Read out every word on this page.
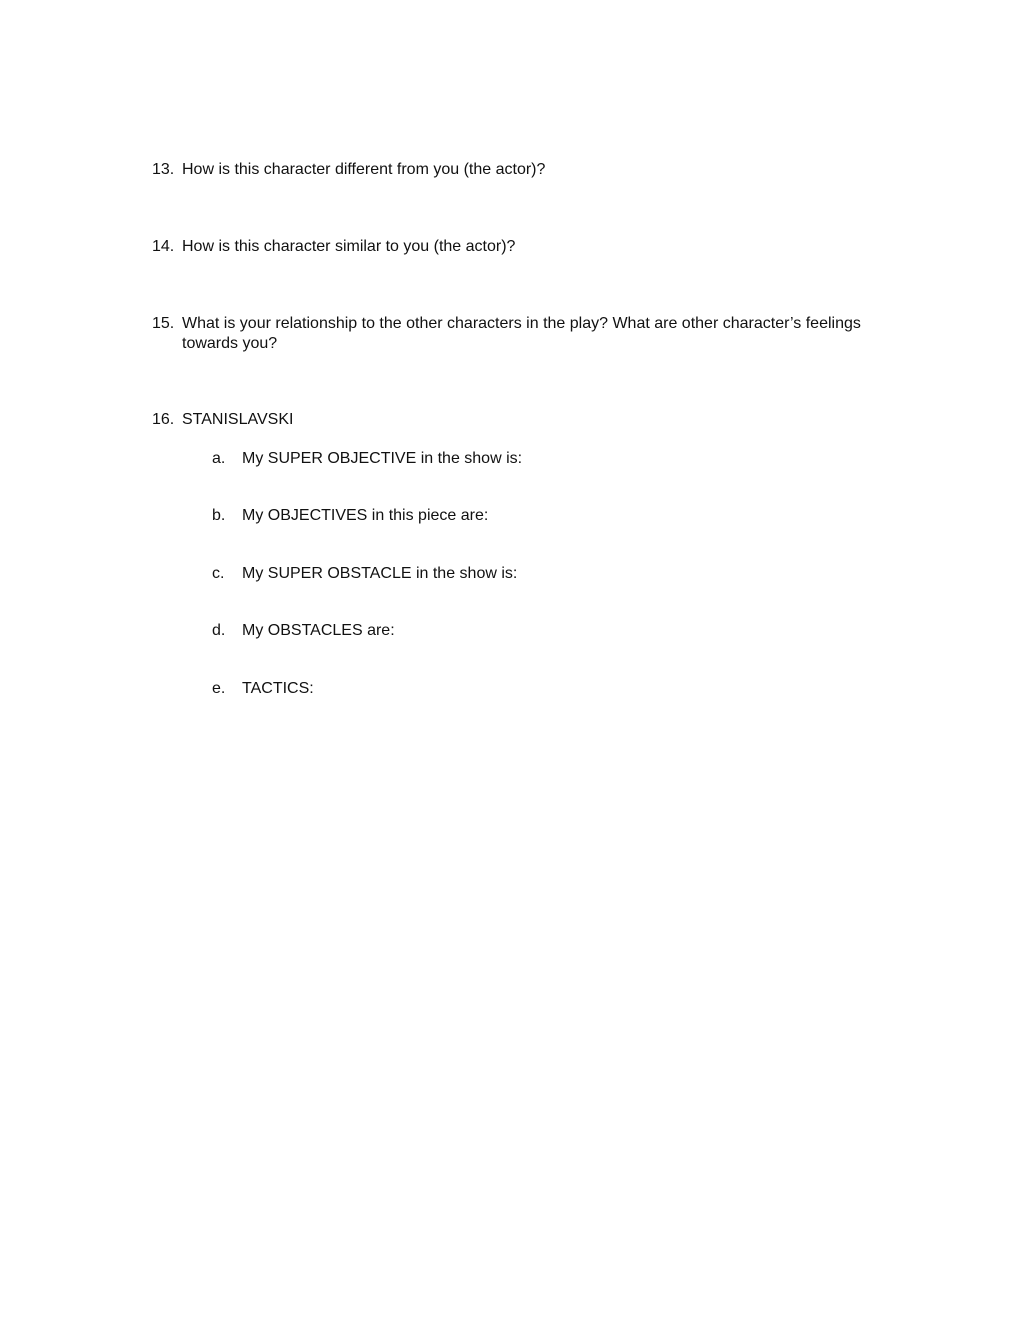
13. How is this character different from you (the actor)?
14. How is this character similar to you (the actor)?
15. What is your relationship to the other characters in the play? What are other character’s feelings towards you?
16. STANISLAVSKI
a. My SUPER OBJECTIVE in the show is:
b. My OBJECTIVES in this piece are:
c. My SUPER OBSTACLE in the show is:
d. My OBSTACLES are:
e. TACTICS:
